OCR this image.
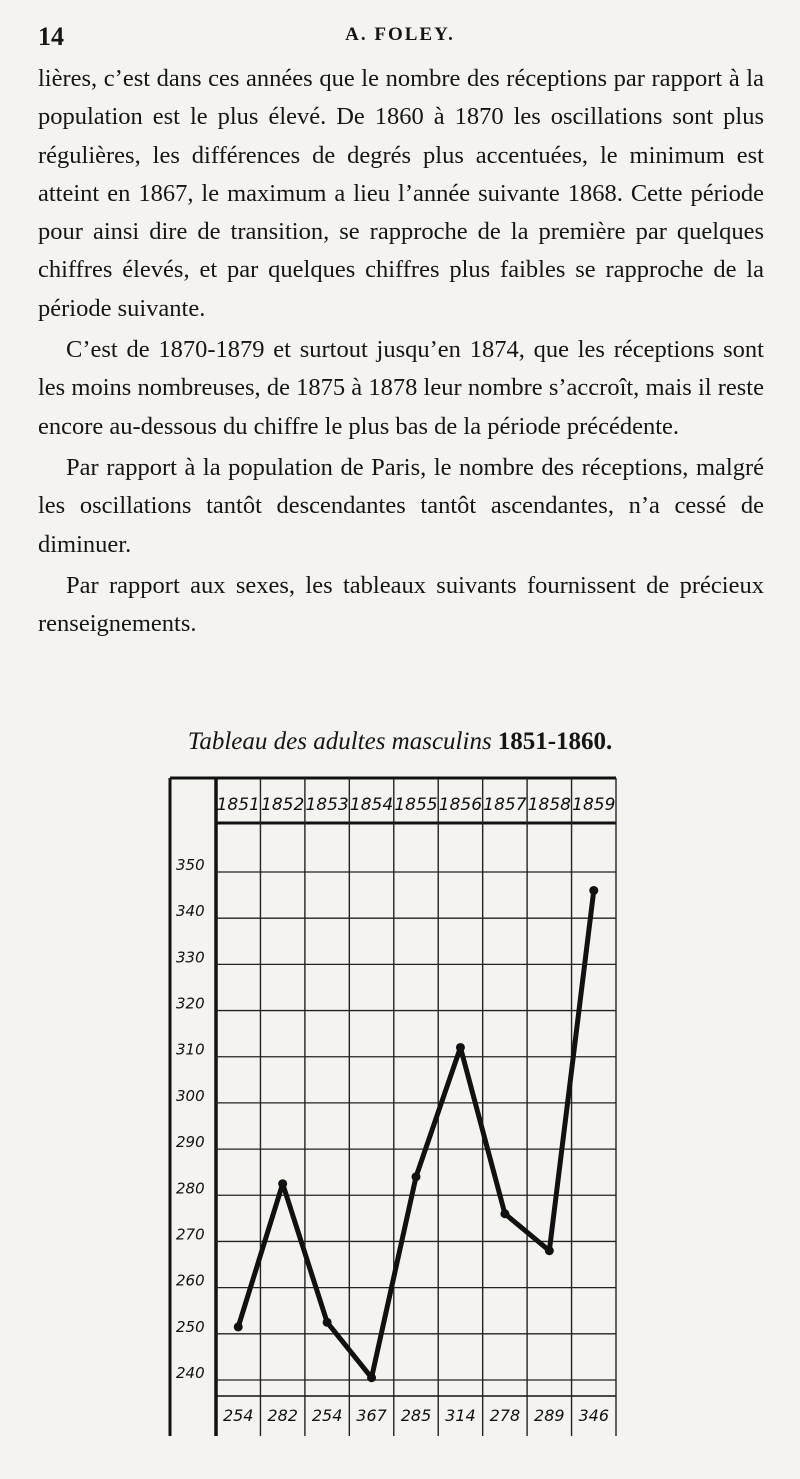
14	A. FOLEY.

lières, c’est dans ces années que le nombre des réceptions par rapport à la population est le plus élevé. De 1860 à 1870 les oscillations sont plus régulières, les différences de degrés plus accentuées, le minimum est atteint en 1867, le maximum a lieu l’année suivante 1868. Cette période pour ainsi dire de transition, se rapproche de la première par quelques chiffres élevés, et par quelques chiffres plus faibles se rapproche de la période suivante.

C’est de 1870-1879 et surtout jusqu’en 1874, que les réceptions sont les moins nombreuses, de 1875 à 1878 leur nombre s’accroît, mais il reste encore au-dessous du chiffre le plus bas de la période précédente.

Par rapport à la population de Paris, le nombre des réceptions, malgré les oscillations tantôt descendantes tantôt ascendantes, n’a cessé de diminuer.

Par rapport aux sexes, les tableaux suivants fournissent de précieux renseignements.

Tableau des adultes masculins 1851-1860.
350
340
330
320
310
300
290
280
270
260
250
240
1851 1852 1853 1854 1855 1856 1857 1858 1859
254 282 254 367 285 314 278 289 346
